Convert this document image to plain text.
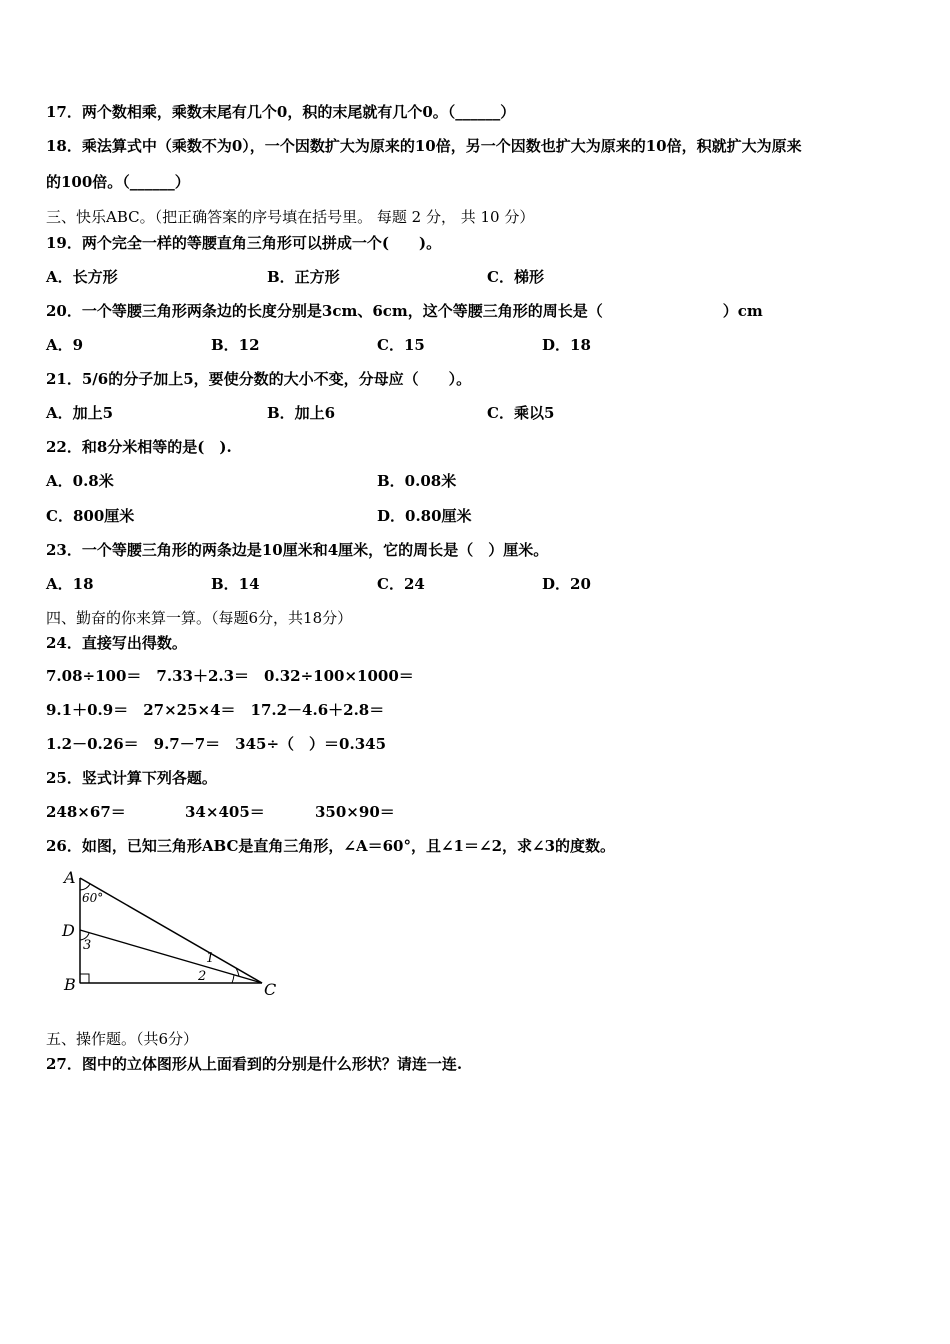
17．两个数相乘，乘数末尾有几个0，积的末尾就有几个0。（______）
18．乘法算式中（乘数不为0），一个因数扩大为原来的10倍，另一个因数也扩大为原来的10倍，积就扩大为原来
的100倍。（______）
三、快乐ABC。（把正确答案的序号填在括号里。 每题 2 分， 共 10 分）
19．两个完全一样的等腰直角三角形可以拼成一个(　　)。
A．长方形	B．正方形	C．梯形
20．一个等腰三角形两条边的长度分别是3cm、6cm，这个等腰三角形的周长是（　　　　　　　　）cm
A．9	B．12	C．15	D．18
21．5/6的分子加上5，要使分数的大小不变，分母应（　　）。
A．加上5	B．加上6	C．乘以5
22．和8分米相等的是(　).
A．0.8米	B．0.08米
C．800厘米	D．0.80厘米
23．一个等腰三角形的两条边是10厘米和4厘米，它的周长是（　）厘米。
A．18	B．14	C．24	D．20
四、勤奋的你来算一算。（每题6分，共18分）
24．直接写出得数。
7.08÷100＝　7.33＋2.3＝　0.32÷100×1000＝
9.1＋0.9＝　27×25×4＝　17.2－4.6＋2.8＝
1.2－0.26＝　9.7－7＝　345÷（　）＝0.345
25．竖式计算下列各题。
248×67＝	34×405＝	350×90＝
26．如图，已知三角形ABC是直角三角形，∠A＝60°，且∠1＝∠2，求∠3的度数。
A
D
B	C
60°
3
1
2
五、操作题。（共6分）
27．图中的立体图形从上面看到的分别是什么形状？请连一连.
